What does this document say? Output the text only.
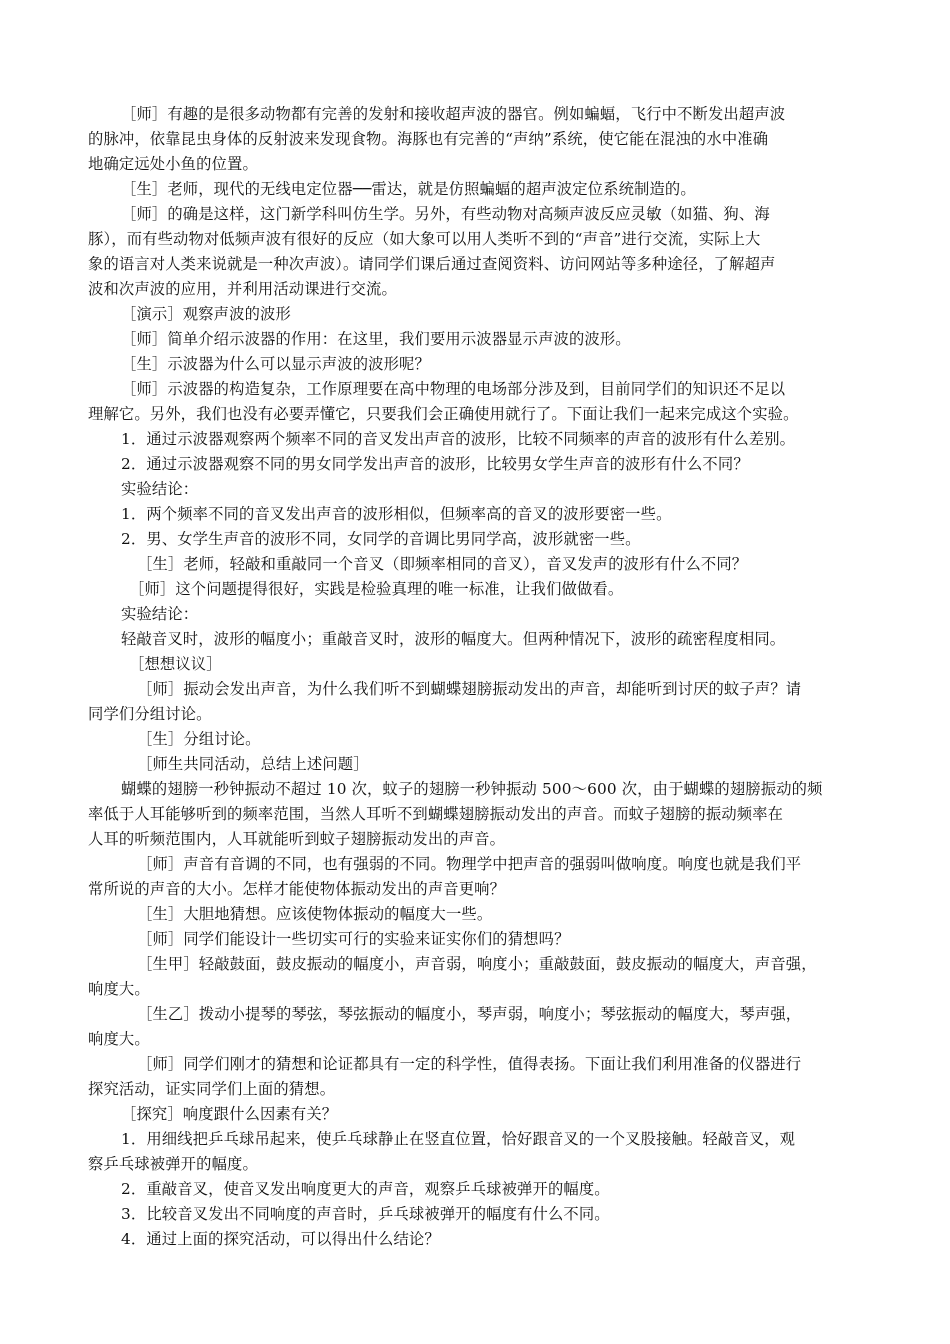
［师］有趣的是很多动物都有完善的发射和接收超声波的器官。例如蝙蝠，飞行中不断发出超声波
的脉冲，依靠昆虫身体的反射波来发现食物。海豚也有完善的“声纳”系统，使它能在混浊的水中准确
地确定远处小鱼的位置。
［生］老师，现代的无线电定位器──雷达，就是仿照蝙蝠的超声波定位系统制造的。
［师］的确是这样，这门新学科叫仿生学。另外，有些动物对高频声波反应灵敏（如猫、狗、海
豚），而有些动物对低频声波有很好的反应（如大象可以用人类听不到的“声音”进行交流，实际上大
象的语言对人类来说就是一种次声波）。请同学们课后通过查阅资料、访问网站等多种途径，了解超声
波和次声波的应用，并利用活动课进行交流。
［演示］观察声波的波形
［师］简单介绍示波器的作用：在这里，我们要用示波器显示声波的波形。
［生］示波器为什么可以显示声波的波形呢？
［师］示波器的构造复杂，工作原理要在高中物理的电场部分涉及到，目前同学们的知识还不足以
理解它。另外，我们也没有必要弄懂它，只要我们会正确使用就行了。下面让我们一起来完成这个实验。
1．通过示波器观察两个频率不同的音叉发出声音的波形，比较不同频率的声音的波形有什么差别。
2．通过示波器观察不同的男女同学发出声音的波形，比较男女学生声音的波形有什么不同？
实验结论：
1．两个频率不同的音叉发出声音的波形相似，但频率高的音叉的波形要密一些。
2．男、女学生声音的波形不同，女同学的音调比男同学高，波形就密一些。
［生］老师，轻敲和重敲同一个音叉（即频率相同的音叉），音叉发声的波形有什么不同？
［师］这个问题提得很好，实践是检验真理的唯一标准，让我们做做看。
实验结论：
轻敲音叉时，波形的幅度小；重敲音叉时，波形的幅度大。但两种情况下，波形的疏密程度相同。
［想想议议］
［师］振动会发出声音，为什么我们听不到蝴蝶翅膀振动发出的声音，却能听到讨厌的蚊子声？请
同学们分组讨论。
［生］分组讨论。
［师生共同活动，总结上述问题］
蝴蝶的翅膀一秒钟振动不超过 10 次，蚊子的翅膀一秒钟振动 500～600 次，由于蝴蝶的翅膀振动的频
率低于人耳能够听到的频率范围，当然人耳听不到蝴蝶翅膀振动发出的声音。而蚊子翅膀的振动频率在
人耳的听频范围内，人耳就能听到蚊子翅膀振动发出的声音。
［师］声音有音调的不同，也有强弱的不同。物理学中把声音的强弱叫做响度。响度也就是我们平
常所说的声音的大小。怎样才能使物体振动发出的声音更响？
［生］大胆地猜想。应该使物体振动的幅度大一些。
［师］同学们能设计一些切实可行的实验来证实你们的猜想吗？
［生甲］轻敲鼓面，鼓皮振动的幅度小，声音弱，响度小；重敲鼓面，鼓皮振动的幅度大，声音强，
响度大。
［生乙］拨动小提琴的琴弦，琴弦振动的幅度小，琴声弱，响度小；琴弦振动的幅度大，琴声强，
响度大。
［师］同学们刚才的猜想和论证都具有一定的科学性，值得表扬。下面让我们利用准备的仪器进行
探究活动，证实同学们上面的猜想。
［探究］响度跟什么因素有关？
1．用细线把乒乓球吊起来，使乒乓球静止在竖直位置，恰好跟音叉的一个叉股接触。轻敲音叉，观
察乒乓球被弹开的幅度。
2．重敲音叉，使音叉发出响度更大的声音，观察乒乓球被弹开的幅度。
3．比较音叉发出不同响度的声音时，乒乓球被弹开的幅度有什么不同。
4．通过上面的探究活动，可以得出什么结论？
